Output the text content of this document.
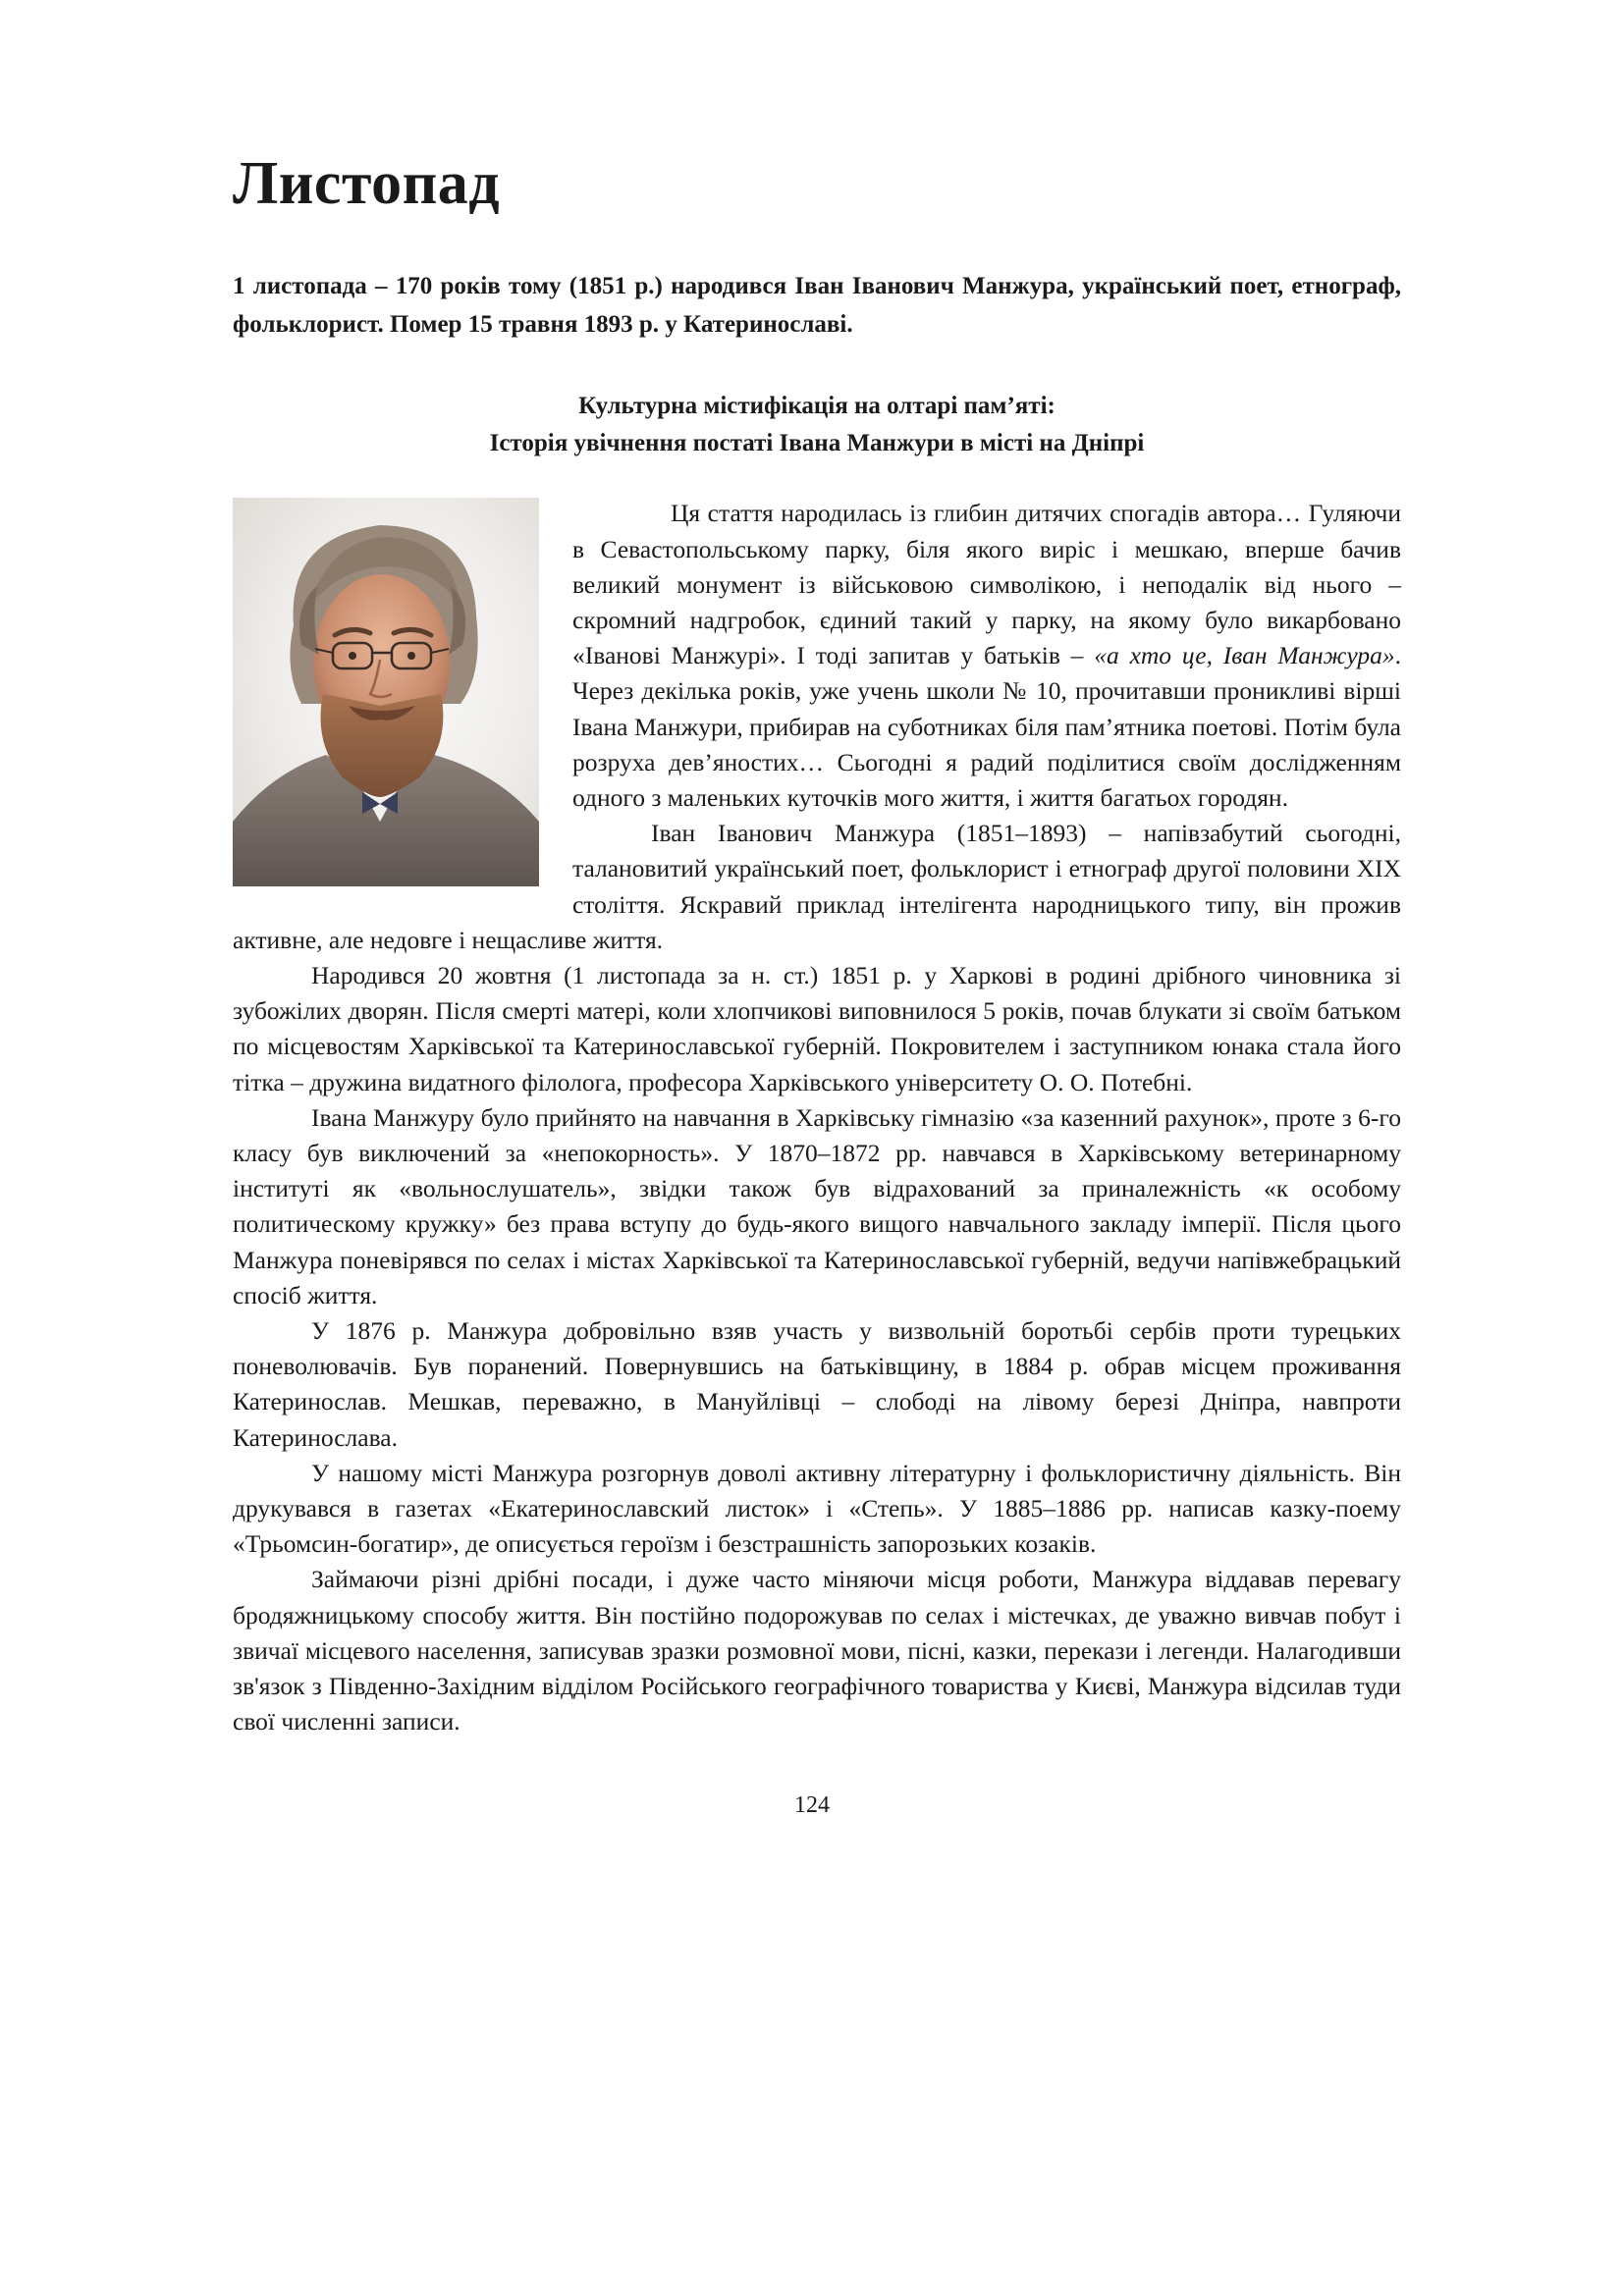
Листопад
1 листопада – 170 років тому (1851 р.) народився Іван Іванович Манжура, український поет, етнограф, фольклорист. Помер 15 травня 1893 р. у Катеринославі.
Культурна містифікація на олтарі пам’яті:
Історія увічнення постаті Івана Манжури в місті на Дніпрі

Ця стаття народилась із глибин дитячих спогадів автора… Гуляючи в Севастопольському парку, біля якого виріс і мешкаю, вперше бачив великий монумент із військовою символікою, і неподалік від нього – скромний надгробок, єдиний такий у парку, на якому було викарбовано «Іванові Манжурі». І тоді запитав у батьків – «а хто це, Іван Манжура». Через декілька років, уже учень школи № 10, прочитавши проникливі вірші Івана Манжури, прибирав на суботниках біля пам’ятника поетові. Потім була розруха дев’яностих… Сьогодні я радий поділитися своїм дослідженням одного з маленьких куточків мого життя, і життя багатьох городян.

Іван Іванович Манжура (1851–1893) – напівзабутий сьогодні, талановитий український поет, фольклорист і етнограф другої половини ХІХ століття. Яскравий приклад інтелігента народницького типу, він прожив активне, але недовге і нещасливе життя.

Народився 20 жовтня (1 листопада за н. ст.) 1851 р. у Харкові в родині дрібного чиновника зі зубожілих дворян. Після смерті матері, коли хлопчикові виповнилося 5 років, почав блукати зі своїм батьком по місцевостям Харківської та Катеринославської губерній. Покровителем і заступником юнака стала його тітка – дружина видатного філолога, професора Харківського університету О. О. Потебні.

Івана Манжуру було прийнято на навчання в Харківську гімназію «за казенний рахунок», проте з 6-го класу був виключений за «непокорность». У 1870–1872 рр. навчався в Харківському ветеринарному інституті як «вольнослушатель», звідки також був відрахований за приналежність «к особому политическому кружку» без права вступу до будь-якого вищого навчального закладу імперії. Після цього Манжура поневірявся по селах і містах Харківської та Катеринославської губерній, ведучи напівжебрацький спосіб життя.

У 1876 р. Манжура добровільно взяв участь у визвольній боротьбі сербів проти турецьких поневолювачів. Був поранений. Повернувшись на батьківщину, в 1884 р. обрав місцем проживання Катеринослав. Мешкав, переважно, в Мануйлівці – слободі на лівому березі Дніпра, навпроти Катеринослава.

У нашому місті Манжура розгорнув доволі активну літературну і фольклористичну діяльність. Він друкувався в газетах «Екатеринославский листок» і «Степь». У 1885–1886 рр. написав казку-поему «Трьомсин-богатир», де описується героїзм і безстрашність запорозьких козаків.

Займаючи різні дрібні посади, і дуже часто міняючи місця роботи, Манжура віддавав перевагу бродяжницькому способу життя. Він постійно подорожував по селах і містечках, де уважно вивчав побут і звичаї місцевого населення, записував зразки розмовної мови, пісні, казки, перекази і легенди. Налагодивши зв'язок з Південно-Західним відділом Російського географічного товариства у Києві, Манжура відсилав туди свої численні записи.

124
